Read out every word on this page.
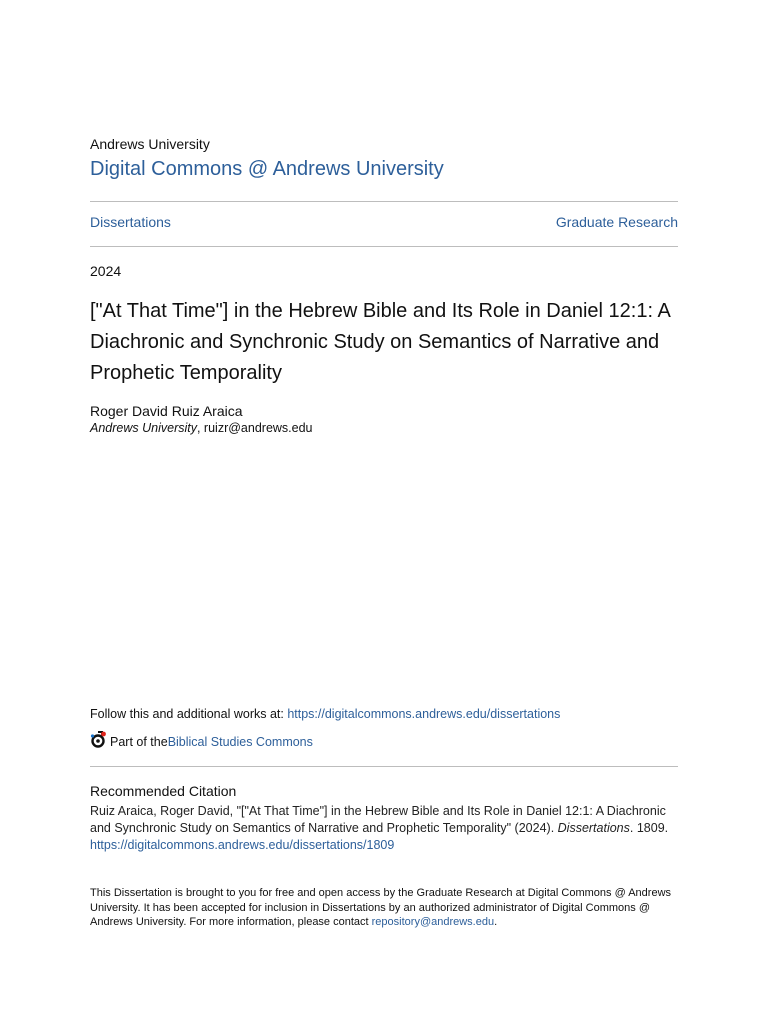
Andrews University
Digital Commons @ Andrews University
Dissertations	Graduate Research
2024
["At That Time"] in the Hebrew Bible and Its Role in Daniel 12:1: A Diachronic and Synchronic Study on Semantics of Narrative and Prophetic Temporality
Roger David Ruiz Araica
Andrews University, ruizr@andrews.edu
Follow this and additional works at: https://digitalcommons.andrews.edu/dissertations
Part of the Biblical Studies Commons
Recommended Citation
Ruiz Araica, Roger David, "["At That Time"] in the Hebrew Bible and Its Role in Daniel 12:1: A Diachronic and Synchronic Study on Semantics of Narrative and Prophetic Temporality" (2024). Dissertations. 1809.
https://digitalcommons.andrews.edu/dissertations/1809
This Dissertation is brought to you for free and open access by the Graduate Research at Digital Commons @ Andrews University. It has been accepted for inclusion in Dissertations by an authorized administrator of Digital Commons @ Andrews University. For more information, please contact repository@andrews.edu.
